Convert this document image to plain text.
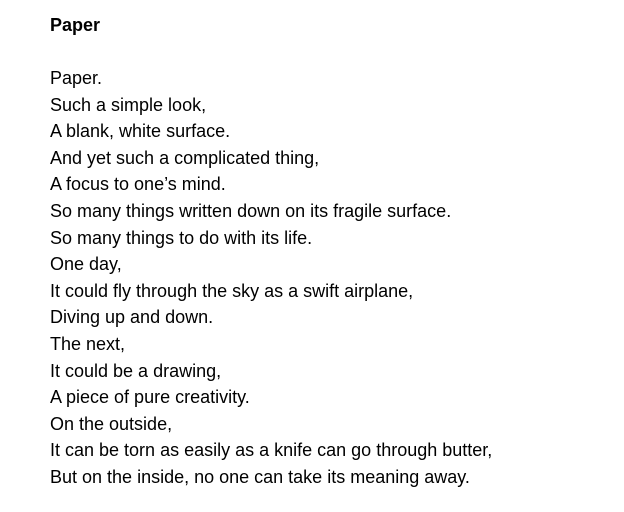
Paper
Paper.
Such a simple look,
A blank, white surface.
And yet such a complicated thing,
A focus to one’s mind.
So many things written down on its fragile surface.
So many things to do with its life.
One day,
It could fly through the sky as a swift airplane,
Diving up and down.
The next,
It could be a drawing,
A piece of pure creativity.
On the outside,
It can be torn as easily as a knife can go through butter,
But on the inside, no one can take its meaning away.
